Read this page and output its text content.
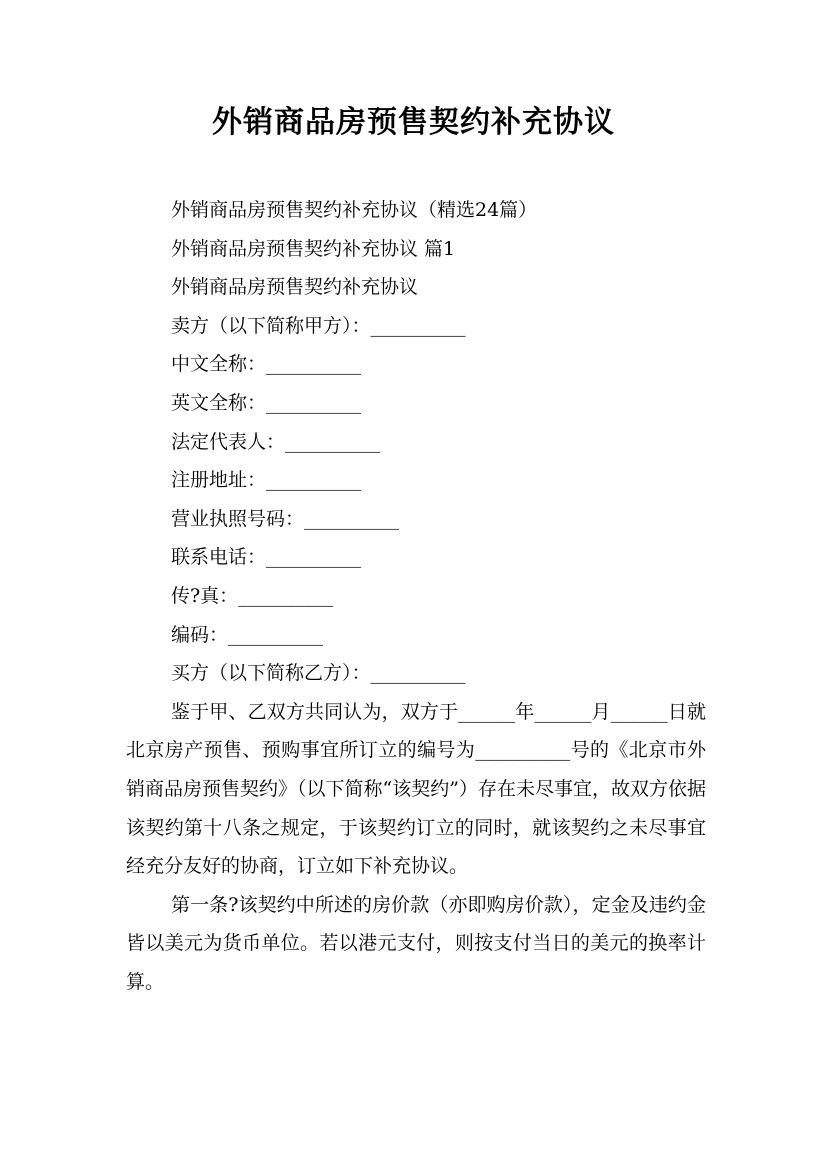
外销商品房预售契约补充协议
外销商品房预售契约补充协议（精选24篇）
外销商品房预售契约补充协议 篇1
外销商品房预售契约补充协议
卖方（以下简称甲方）：__________
中文全称：__________
英文全称：__________
法定代表人：__________
注册地址：__________
营业执照号码：__________
联系电话：__________
传?真：__________
编码：__________
买方（以下简称乙方）：__________
鉴于甲、乙双方共同认为，双方于______年______月______日就北京房产预售、预购事宜所订立的编号为__________号的《北京市外销商品房预售契约》（以下简称“该契约”）存在未尽事宜，故双方依据该契约第十八条之规定，于该契约订立的同时，就该契约之未尽事宜经充分友好的协商，订立如下补充协议。
第一条?该契约中所述的房价款（亦即购房价款），定金及违约金皆以美元为货币单位。若以港元支付，则按支付当日的美元的换率计算。
